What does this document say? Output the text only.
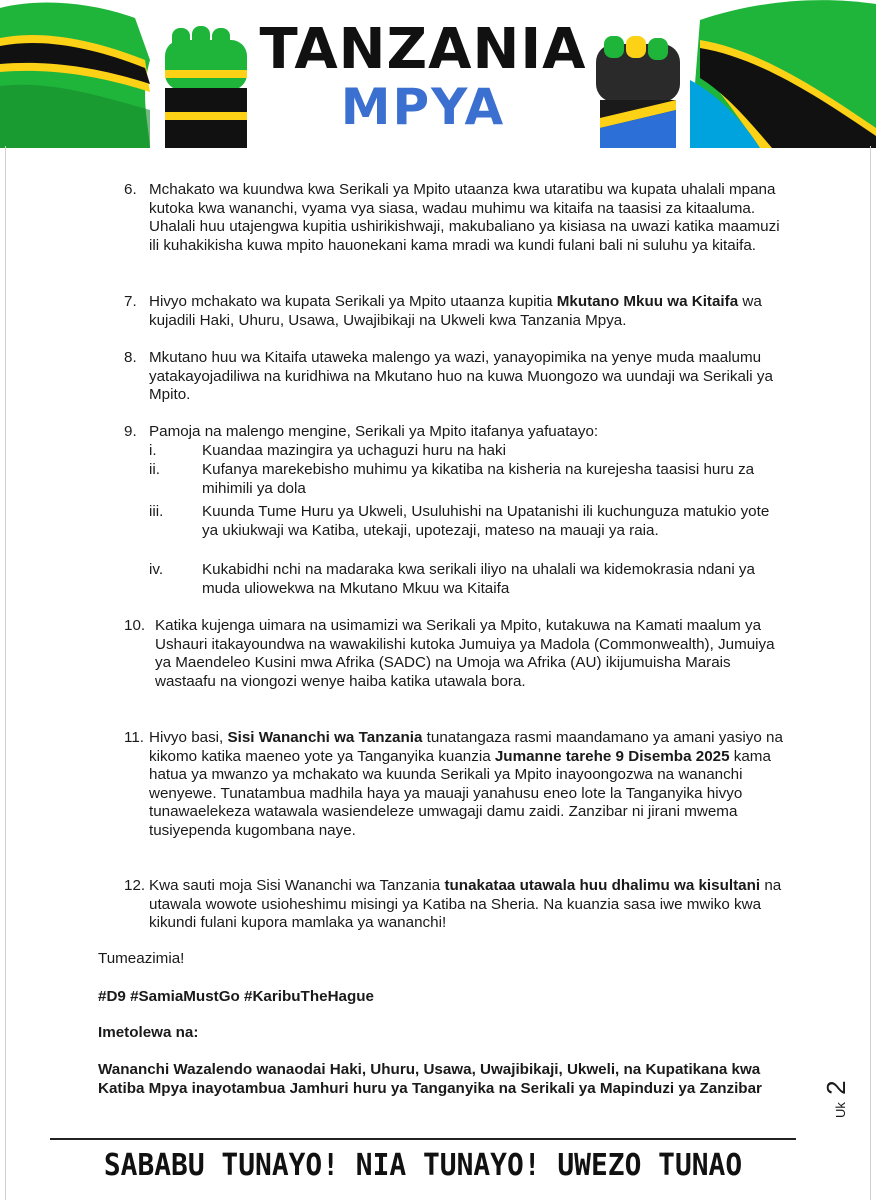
TANZANIA
MPYA
6. Mchakato wa kuundwa kwa Serikali ya Mpito utaanza kwa utaratibu wa kupata uhalali mpana kutoka kwa wananchi, vyama vya siasa, wadau muhimu wa kitaifa na taasisi za kitaaluma. Uhalali huu utajengwa kupitia ushirikishwaji, makubaliano ya kisiasa na uwazi katika maamuzi ili kuhakikisha kuwa mpito hauonekani kama mradi wa kundi fulani bali ni suluhu ya kitaifa.
7. Hivyo mchakato wa kupata Serikali ya Mpito utaanza kupitia Mkutano Mkuu wa Kitaifa wa kujadili Haki, Uhuru, Usawa, Uwajibikaji na Ukweli kwa Tanzania Mpya.
8. Mkutano huu wa Kitaifa utaweka malengo ya wazi, yanayopimika na yenye muda maalumu yatakayojadiliwa na kuridhiwa na Mkutano huo na kuwa Muongozo wa uundaji wa Serikali ya Mpito.
9. Pamoja na malengo mengine, Serikali ya Mpito itafanya yafuatayo:
i.	Kuandaa mazingira ya uchaguzi huru na haki
ii.	Kufanya marekebisho muhimu ya kikatiba na kisheria na kurejesha taasisi huru za mihimili ya dola
iii.	Kuunda Tume Huru ya Ukweli, Usuluhishi na Upatanishi ili kuchunguza matukio yote ya ukiukwaji wa Katiba, utekaji, upotezaji, mateso na mauaji ya raia.
iv.	Kukabidhi nchi na madaraka kwa serikali iliyo na uhalali wa kidemokrasia ndani ya muda uliowekwa na Mkutano Mkuu wa Kitaifa
10. Katika kujenga uimara na usimamizi wa Serikali ya Mpito, kutakuwa na Kamati maalum ya Ushauri itakayoundwa na wawakilishi kutoka Jumuiya ya Madola (Commonwealth), Jumuiya ya Maendeleo Kusini mwa Afrika (SADC) na Umoja wa Afrika (AU) ikijumuisha Marais wastaafu na viongozi wenye haiba katika utawala bora.
11. Hivyo basi, Sisi Wananchi wa Tanzania tunatangaza rasmi maandamano ya amani yasiyo na kikomo katika maeneo yote ya Tanganyika kuanzia Jumanne tarehe 9 Disemba 2025 kama hatua ya mwanzo ya mchakato wa kuunda Serikali ya Mpito inayoongozwa na wananchi wenyewe. Tunatambua madhila haya ya mauaji yanahusu eneo lote la Tanganyika hivyo tunawaelekeza watawala wasiendeleze umwagaji damu zaidi. Zanzibar ni jirani mwema tusiyependa kugombana naye.
12. Kwa sauti moja Sisi Wananchi wa Tanzania tunakataa utawala huu dhalimu wa kisultani na utawala wowote usioheshimu misingi ya Katiba na Sheria. Na kuanzia sasa iwe mwiko kwa kikundi fulani kupora mamlaka ya wananchi!
Tumeazimia!
#D9 #SamiaMustGo #KaribuTheHague
Imetolewa na:
Wananchi Wazalendo wanaodai Haki, Uhuru, Usawa, Uwajibikaji, Ukweli, na Kupatikana kwa Katiba Mpya inayotambua Jamhuri huru ya Tanganyika na Serikali ya Mapinduzi ya Zanzibar
Uk 2
SABABU TUNAYO! NIA TUNAYO! UWEZO TUNAO
